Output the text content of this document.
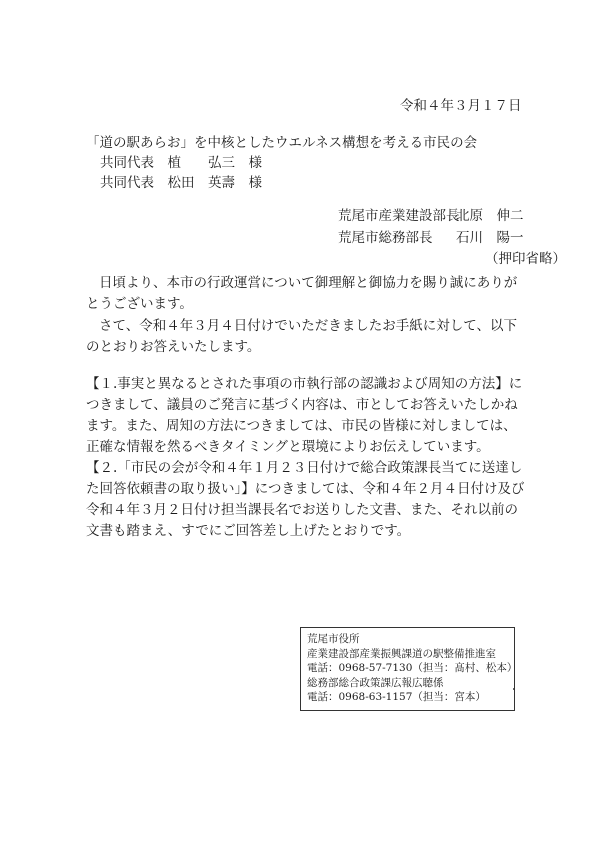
令和４年３月１７日
「道の駅あらお」を中核としたウエルネス構想を考える市民の会
共同代表　植　　弘三　様
共同代表　松田　英壽　様
荒尾市産業建設部長北原　伸二
荒尾市総務部長 石川　陽一
（押印省略）
日頃より、本市の行政運営について御理解と御協力を賜り誠にありがとうございます。
さて、令和４年３月４日付けでいただきましたお手紙に対して、以下のとおりお答えいたします。
【１.事実と異なるとされた事項の市執行部の認識および周知の方法】につきまして、議員のご発言に基づく内容は、市としてお答えいたしかねます。また、周知の方法につきましては、市民の皆様に対しましては、正確な情報を然るべきタイミングと環境によりお伝えしています。
【２.「市民の会が令和４年１月２３日付けで総合政策課長当てに送達した回答依頼書の取り扱い」】につきましては、令和４年２月４日付け及び令和４年３月２日付け担当課長名でお送りした文書、また、それ以前の文書も踏まえ、すでにご回答差し上げたとおりです。
荒尾市役所
産業建設部産業振興課道の駅整備推進室
電話：0968-57-7130（担当：髙村、松本）
総務部総合政策課広報広聴係
電話：0968-63-1157（担当：宮本）
